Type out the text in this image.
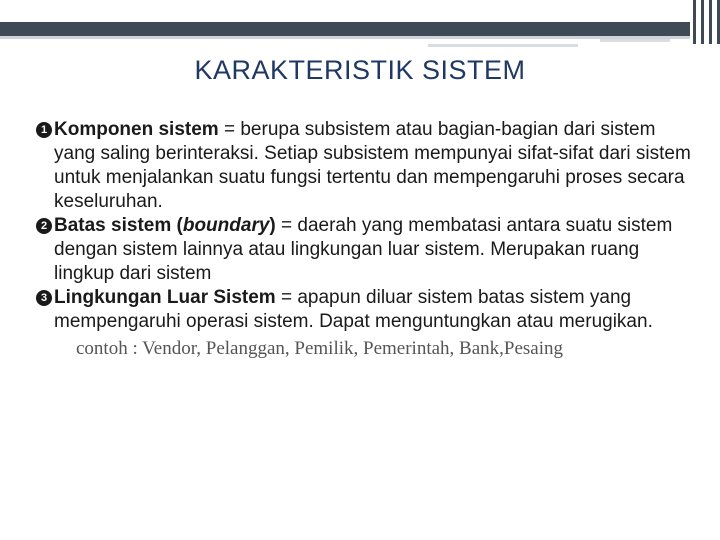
KARAKTERISTIK SISTEM
1 Komponen sistem = berupa subsistem atau bagian-bagian dari sistem yang saling berinteraksi. Setiap subsistem mempunyai sifat-sifat dari sistem untuk menjalankan suatu fungsi tertentu dan mempengaruhi proses secara keseluruhan.
2 Batas sistem (boundary) = daerah yang membatasi antara suatu sistem dengan sistem lainnya atau lingkungan luar sistem. Merupakan ruang lingkup dari sistem
3 Lingkungan Luar Sistem = apapun diluar sistem batas sistem yang mempengaruhi operasi sistem. Dapat menguntungkan atau merugikan.
contoh : Vendor, Pelanggan, Pemilik, Pemerintah, Bank,Pesaing
